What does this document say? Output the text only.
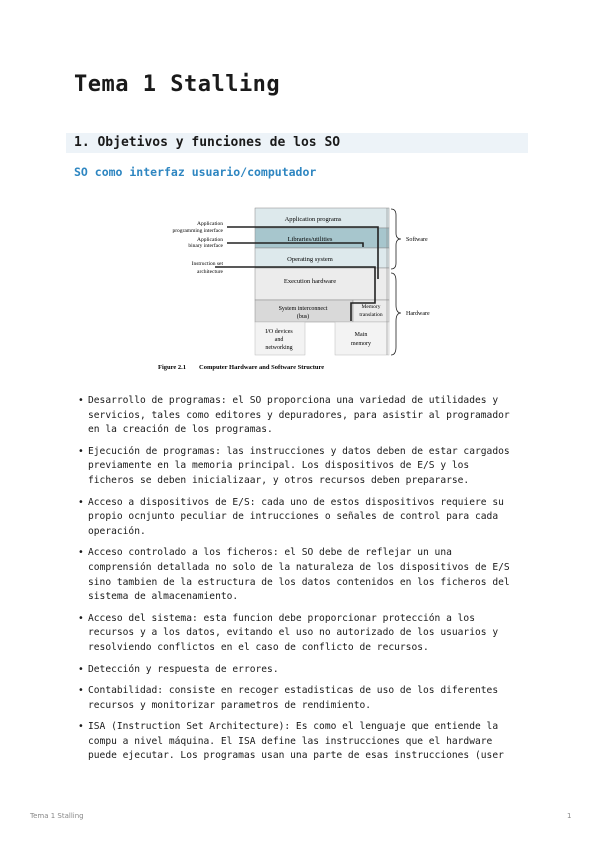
Tema 1 Stalling
1. Objetivos y funciones de los SO
SO como interfaz usuario/computador
Application programs
Libraries/utilities
Operating system
Execution hardware
System interconnect
(bus)
Memory
translation
I/O devices
and
networking
Main
memory
Application
programming interface
Application
binary interface
Instruction set
architecture
Software
Hardware
Figure 2.1 Computer Hardware and Software Structure
• Desarrollo de programas: el SO proporciona una variedad de utilidades y servicios, tales como editores y depuradores, para asistir al programador en la creación de los programas.
• Ejecución de programas: las instrucciones y datos deben de estar cargados previamente en la memoria principal. Los dispositivos de E/S y los ficheros se deben inicializaar, y otros recursos deben prepararse.
• Acceso a dispositivos de E/S: cada uno de estos dispositivos requiere su propio ocnjunto peculiar de intrucciones o señales de control para cada operación.
• Acceso controlado a los ficheros: el SO debe de reflejar un una comprensión detallada no solo de la naturaleza de los dispositivos de E/S sino tambien de la estructura de los datos contenidos en los ficheros del sistema de almacenamiento.
• Acceso del sistema: esta funcion debe proporcionar protección a los recursos y a los datos, evitando el uso no autorizado de los usuarios y resolviendo conflictos en el caso de conflicto de recursos.
• Detección y respuesta de errores.
• Contabilidad: consiste en recoger estadisticas de uso de los diferentes recursos y monitorizar parametros de rendimiento.
• ISA (Instruction Set Architecture): Es como el lenguaje que entiende la compu a nivel máquina. El ISA define las instrucciones que el hardware puede ejecutar. Los programas usan una parte de esas instrucciones (user
Tema 1 Stalling	1
